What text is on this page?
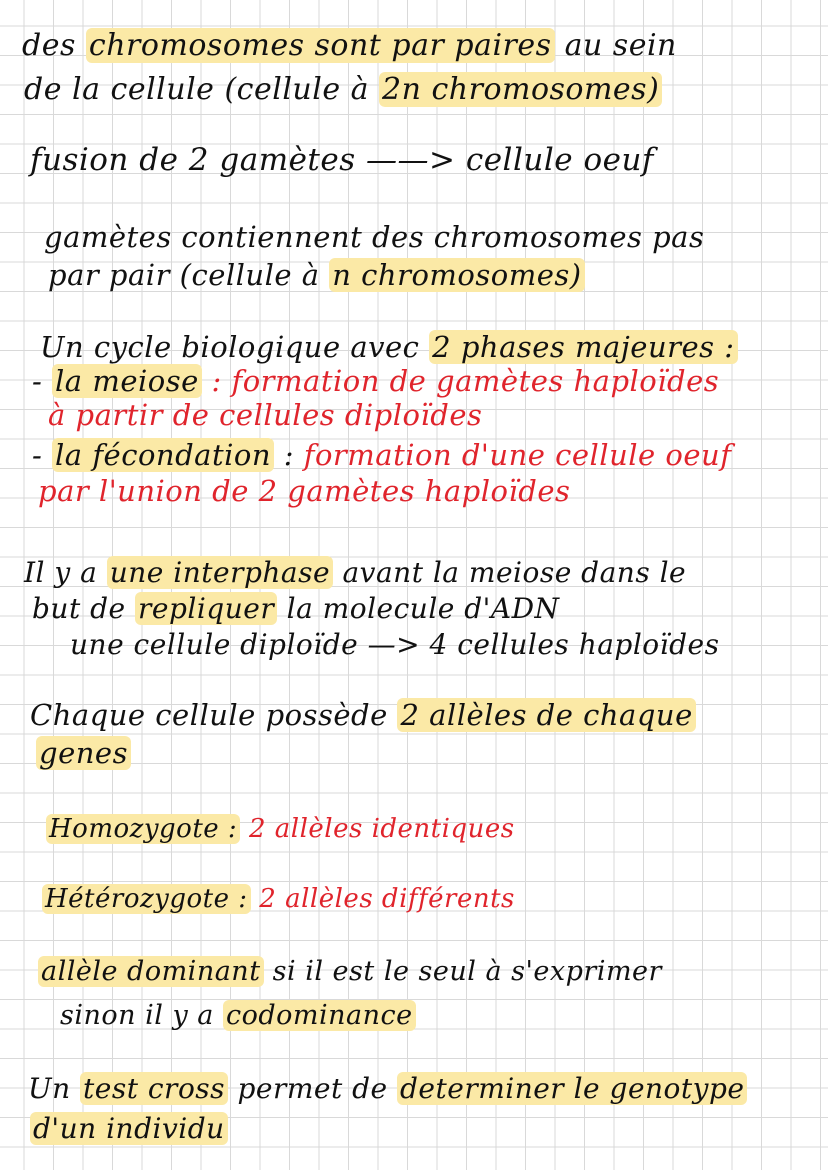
des chromosomes sont par paires au sein
de la cellule (cellule à 2n chromosomes)
fusion de 2 gamètes ——> cellule oeuf
gamètes contiennent des chromosomes pas
par pair (cellule à n chromosomes)
Un cycle biologique avec 2 phases majeures :
- la meiose : formation de gamètes haploïdes
à partir de cellules diploïdes
- la fécondation : formation d'une cellule oeuf
par l'union de 2 gamètes haploïdes
Il y a une interphase avant la meiose dans le
but de repliquer la molecule d'ADN
une cellule diploïde —> 4 cellules haploïdes
Chaque cellule possède 2 allèles de chaque
genes
Homozygote : 2 allèles identiques
Hétérozygote : 2 allèles différents
allèle dominant si il est le seul à s'exprimer
sinon il y a codominance
Un test cross permet de determiner le genotype
d'un individu
